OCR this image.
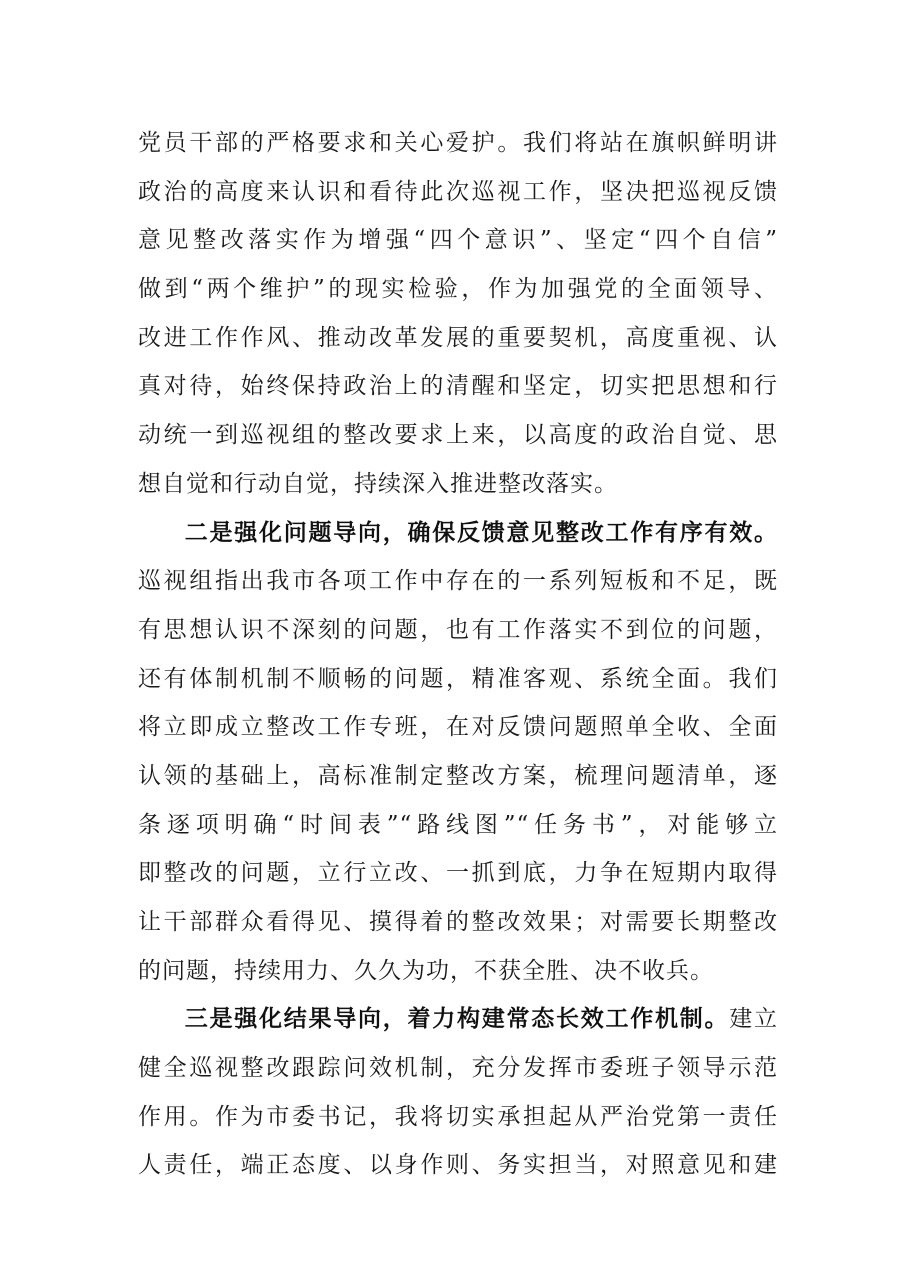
党员干部的严格要求和关心爱护。我们将站在旗帜鲜明讲
政治的高度来认识和看待此次巡视工作，坚决把巡视反馈
意见整改落实作为增强“四个意识”、坚定“四个自信”
做到“两个维护”的现实检验，作为加强党的全面领导、
改进工作作风、推动改革发展的重要契机，高度重视、认
真对待，始终保持政治上的清醒和坚定，切实把思想和行
动统一到巡视组的整改要求上来，以高度的政治自觉、思
想自觉和行动自觉，持续深入推进整改落实。
二是强化问题导向，确保反馈意见整改工作有序有效。
巡视组指出我市各项工作中存在的一系列短板和不足，既
有思想认识不深刻的问题，也有工作落实不到位的问题，
还有体制机制不顺畅的问题，精准客观、系统全面。我们
将立即成立整改工作专班，在对反馈问题照单全收、全面
认领的基础上，高标准制定整改方案，梳理问题清单，逐
条逐项明确“时间表”“路线图”“任务书”，对能够立
即整改的问题，立行立改、一抓到底，力争在短期内取得
让干部群众看得见、摸得着的整改效果；对需要长期整改
的问题，持续用力、久久为功，不获全胜、决不收兵。
三是强化结果导向，着力构建常态长效工作机制。建立
健全巡视整改跟踪问效机制，充分发挥市委班子领导示范
作用。作为市委书记，我将切实承担起从严治党第一责任
人责任，端正态度、以身作则、务实担当，对照意见和建
